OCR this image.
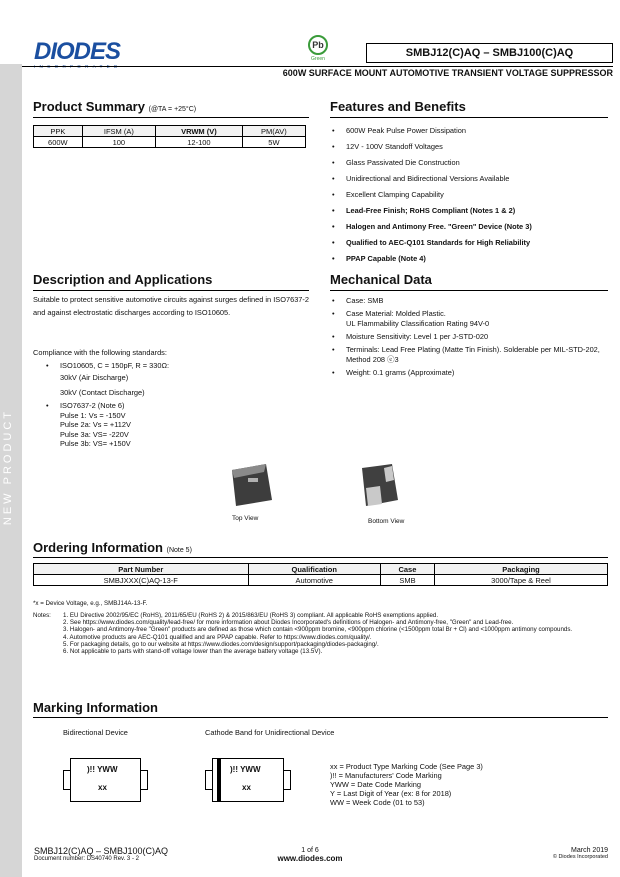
NEW PRODUCT
DIODES
INCORPORATED
Pb
Green	SMBJ12(C)AQ – SMBJ100(C)AQ
600W SURFACE MOUNT AUTOMOTIVE TRANSIENT VOLTAGE SUPPRESSOR
Product Summary (@TA = +25°C)
PPK	IFSM (A)	VRWM (V)	PM(AV)
600W	100	12-100	5W
Features and Benefits
• 600W Peak Pulse Power Dissipation
• 12V - 100V Standoff Voltages
• Glass Passivated Die Construction
• Unidirectional and Bidirectional Versions Available
• Excellent Clamping Capability
• Lead-Free Finish; RoHS Compliant (Notes 1 & 2)
• Halogen and Antimony Free. "Green" Device (Note 3)
• Qualified to AEC-Q101 Standards for High Reliability
• PPAP Capable (Note 4)
Description and Applications
Suitable to protect sensitive automotive circuits against surges defined in ISO7637-2 and against electrostatic discharges according to ISO10605.
Compliance with the following standards:
• ISO10605, C = 150pF, R = 330Ω:
30kV (Air Discharge)
30kV (Contact Discharge)
• ISO7637-2 (Note 6)
Pulse 1: Vs = -150V
Pulse 2a: Vs = +112V
Pulse 3a: VS= -220V
Pulse 3b: VS= +150V
Mechanical Data
• Case: SMB
• Case Material: Molded Plastic.
UL Flammability Classification Rating 94V-0
• Moisture Sensitivity: Level 1 per J-STD-020
• Terminals: Lead Free Plating (Matte Tin Finish). Solderable per MIL-STD-202, Method 208 ⓔ3
• Weight: 0.1 grams (Approximate)
Top View	Bottom View
Ordering Information (Note 5)
Part Number	Qualification	Case	Packaging
SMBJXXX(C)AQ-13-F	Automotive	SMB	3000/Tape & Reel
*x = Device Voltage, e.g., SMBJ14A-13-F.
Notes:	1. EU Directive 2002/95/EC (RoHS), 2011/65/EU (RoHS 2) & 2015/863/EU (RoHS 3) compliant. All applicable RoHS exemptions applied.
2. See https://www.diodes.com/quality/lead-free/ for more information about Diodes Incorporated's definitions of Halogen- and Antimony-free, "Green" and Lead-free.
3. Halogen- and Antimony-free "Green" products are defined as those which contain <900ppm bromine, <900ppm chlorine (<1500ppm total Br + Cl) and <1000ppm antimony compounds.
4. Automotive products are AEC-Q101 qualified and are PPAP capable. Refer to https://www.diodes.com/quality/.
5. For packaging details, go to our website at https://www.diodes.com/design/support/packaging/diodes-packaging/.
6. Not applicable to parts with stand-off voltage lower than the average battery voltage (13.5V).
Marking Information
Bidirectional Device	Cathode Band for Unidirectional Device
)!! YWW
xx
)!! YWW
xx
xx = Product Type Marking Code (See Page 3)
)!! = Manufacturers' Code Marking
YWW = Date Code Marking
Y = Last Digit of Year (ex: 8 for 2018)
WW = Week Code (01 to 53)
SMBJ12(C)AQ – SMBJ100(C)AQ
Document number: DS40740 Rev. 3 - 2
1 of 6
www.diodes.com
March 2019
© Diodes Incorporated
